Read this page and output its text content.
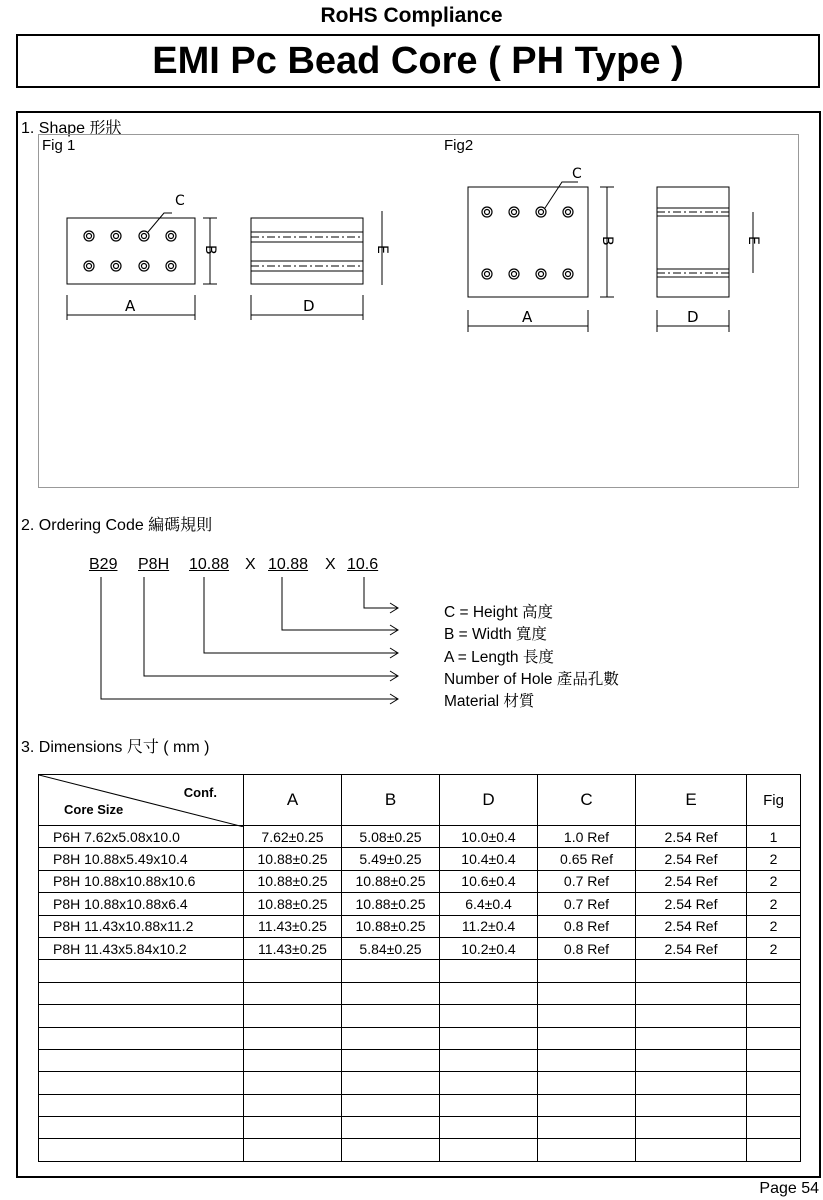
RoHS Compliance
EMI Pc Bead Core ( PH Type )
1. Shape 形狀
Fig 1	Fig2
C
B
A
E
D
C
B
A
E
D
2. Ordering Code 編碼規則
B29 P8H 10.88 X 10.88 X 10.6
C = Height 高度
B = Width 寬度
A = Length 長度
Number of Hole 產品孔數
Material 材質
3. Dimensions 尺寸 ( mm )
Conf.
Core Size	A	B	D	C	E	Fig
P6H 7.62x5.08x10.0	7.62±0.25	5.08±0.25	10.0±0.4	1.0 Ref	2.54 Ref	1
P8H 10.88x5.49x10.4	10.88±0.25	5.49±0.25	10.4±0.4	0.65 Ref	2.54 Ref	2
P8H 10.88x10.88x10.6	10.88±0.25	10.88±0.25	10.6±0.4	0.7 Ref	2.54 Ref	2
P8H 10.88x10.88x6.4	10.88±0.25	10.88±0.25	6.4±0.4	0.7 Ref	2.54 Ref	2
P8H 11.43x10.88x11.2	11.43±0.25	10.88±0.25	11.2±0.4	0.8 Ref	2.54 Ref	2
P8H 11.43x5.84x10.2	11.43±0.25	5.84±0.25	10.2±0.4	0.8 Ref	2.54 Ref	2

Page 54
